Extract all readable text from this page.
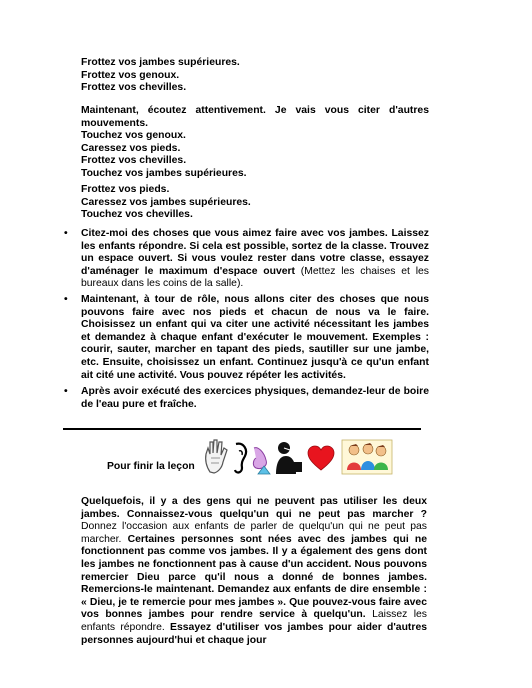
Frottez vos jambes supérieures.
Frottez vos genoux.
Frottez vos chevilles.
Maintenant, écoutez attentivement. Je vais vous citer d'autres mouvements.
Touchez vos genoux.
Caressez vos pieds.
Frottez vos chevilles.
Touchez vos jambes supérieures.
Frottez vos pieds.
Caressez vos jambes supérieures.
Touchez vos chevilles.
• Citez-moi des choses que vous aimez faire avec vos jambes. Laissez les enfants répondre. Si cela est possible, sortez de la classe. Trouvez un espace ouvert. Si vous voulez rester dans votre classe, essayez d'aménager le maximum d'espace ouvert (Mettez les chaises et les bureaux dans les coins de la salle).
• Maintenant, à tour de rôle, nous allons citer des choses que nous pouvons faire avec nos pieds et chacun de nous va le faire. Choisissez un enfant qui va citer une activité nécessitant les jambes et demandez à chaque enfant d'exécuter le mouvement. Exemples : courir, sauter, marcher en tapant des pieds, sautiller sur une jambe, etc. Ensuite, choisissez un enfant. Continuez jusqu'à ce qu'un enfant ait cité une activité. Vous pouvez répéter les activités.
• Après avoir exécuté des exercices physiques, demandez-leur de boire de l'eau pure et fraîche.
Pour finir la leçon
Quelquefois, il y a des gens qui ne peuvent pas utiliser les deux jambes. Connaissez-vous quelqu'un qui ne peut pas marcher ? Donnez l'occasion aux enfants de parler de quelqu'un qui ne peut pas marcher. Certaines personnes sont nées avec des jambes qui ne fonctionnent pas comme vos jambes. Il y a également des gens dont les jambes ne fonctionnent pas à cause d'un accident. Nous pouvons remercier Dieu parce qu'il nous a donné de bonnes jambes. Remercions-le maintenant. Demandez aux enfants de dire ensemble : « Dieu, je te remercie pour mes jambes ». Que pouvez-vous faire avec vos bonnes jambes pour rendre service à quelqu'un. Laissez les enfants répondre. Essayez d'utiliser vos jambes pour aider d'autres personnes aujourd'hui et chaque jour
